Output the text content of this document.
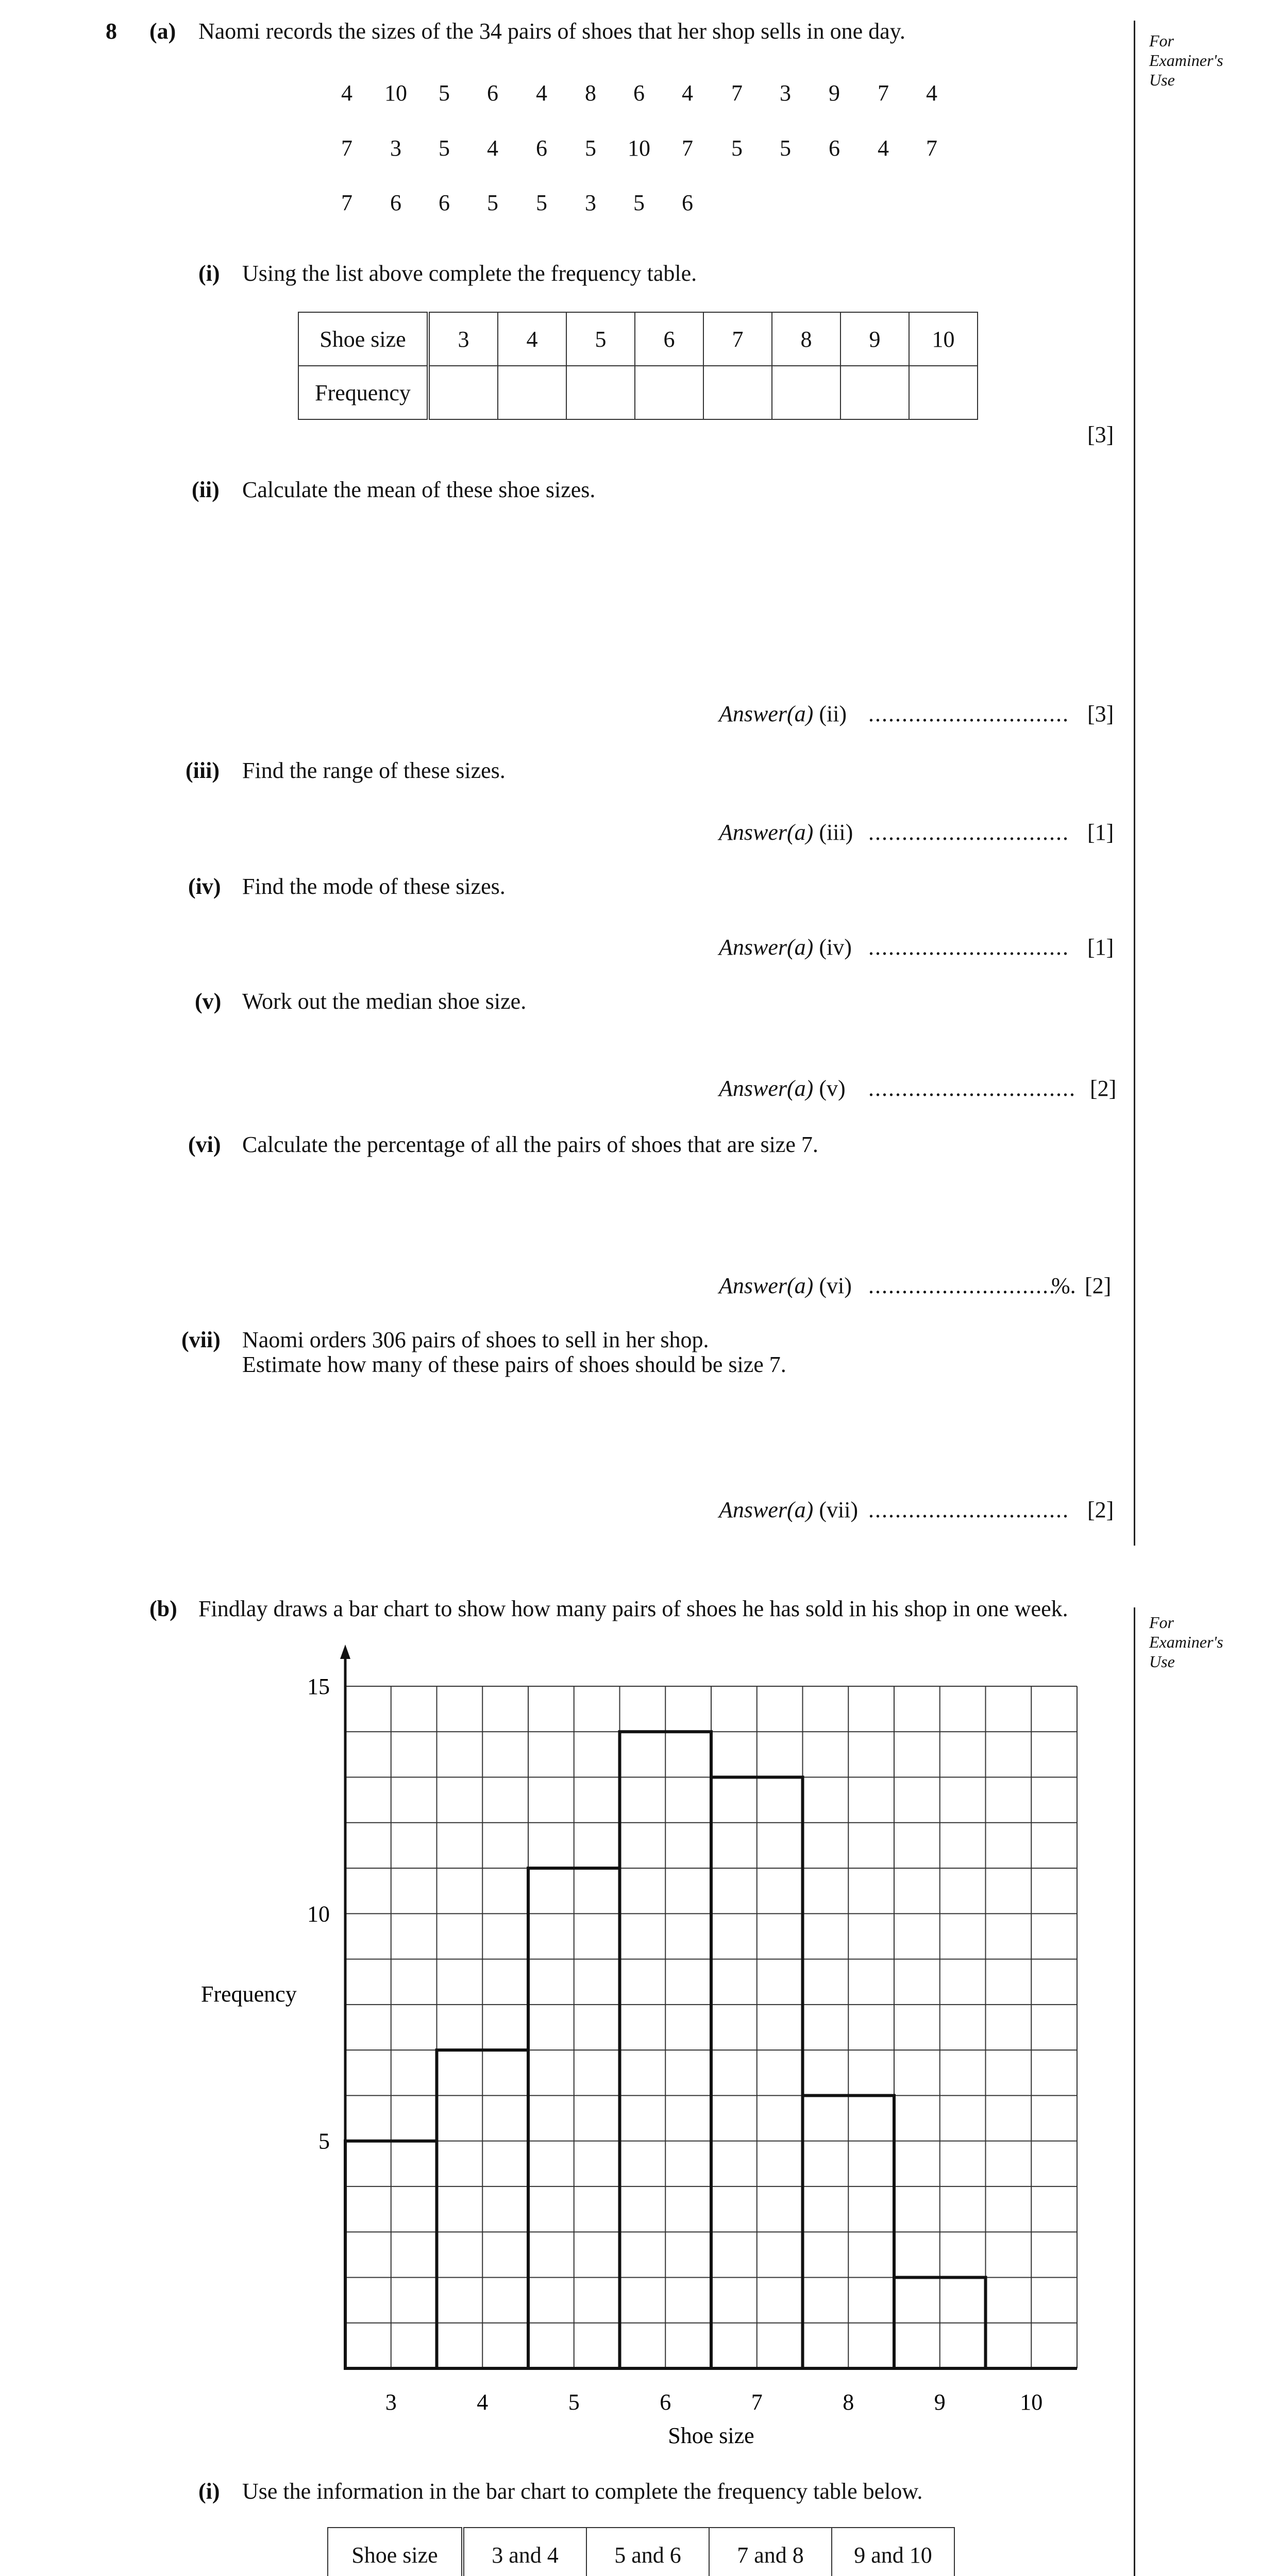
For Examiner's Use
For Examiner's Use
8 (a) Naomi records the sizes of the 34 pairs of shoes that her shop sells in one day.
4	10	5	6	4	8	6	4	7	3	9	7	4
7	3	5	4	6	5	10	7	5	5	6	4	7
7	6	6	5	5	3	5	6
(i) Using the list above complete the frequency table.
Shoe size	3	4	5	6	7	8	9	10
Frequency								
[3]
(ii) Calculate the mean of these shoe sizes.
Answer(a) (ii) .............................. [3]
(iii) Find the range of these sizes.
Answer(a) (iii) .............................. [1]
(iv) Find the mode of these sizes.
Answer(a) (iv) .............................. [1]
(v) Work out the median shoe size.
Answer(a) (v) ............................... [2]
(vi) Calculate the percentage of all the pairs of shoes that are size 7.
Answer(a) (vi) ............................
%. [2]
(vii) Naomi orders 306 pairs of shoes to sell in her shop.
Estimate how many of these pairs of shoes should be size 7.
Answer(a) (vii) .............................. [2]
(b) Findlay draws a bar chart to show how many pairs of shoes he has sold in his shop in one week.
5
10
15
3	4	5	6	7	8	9	10
Shoe size
Frequency
(i) Use the information in the bar chart to complete the frequency table below.
Shoe size	3 and 4	5 and 6	7 and 8	9 and 10
